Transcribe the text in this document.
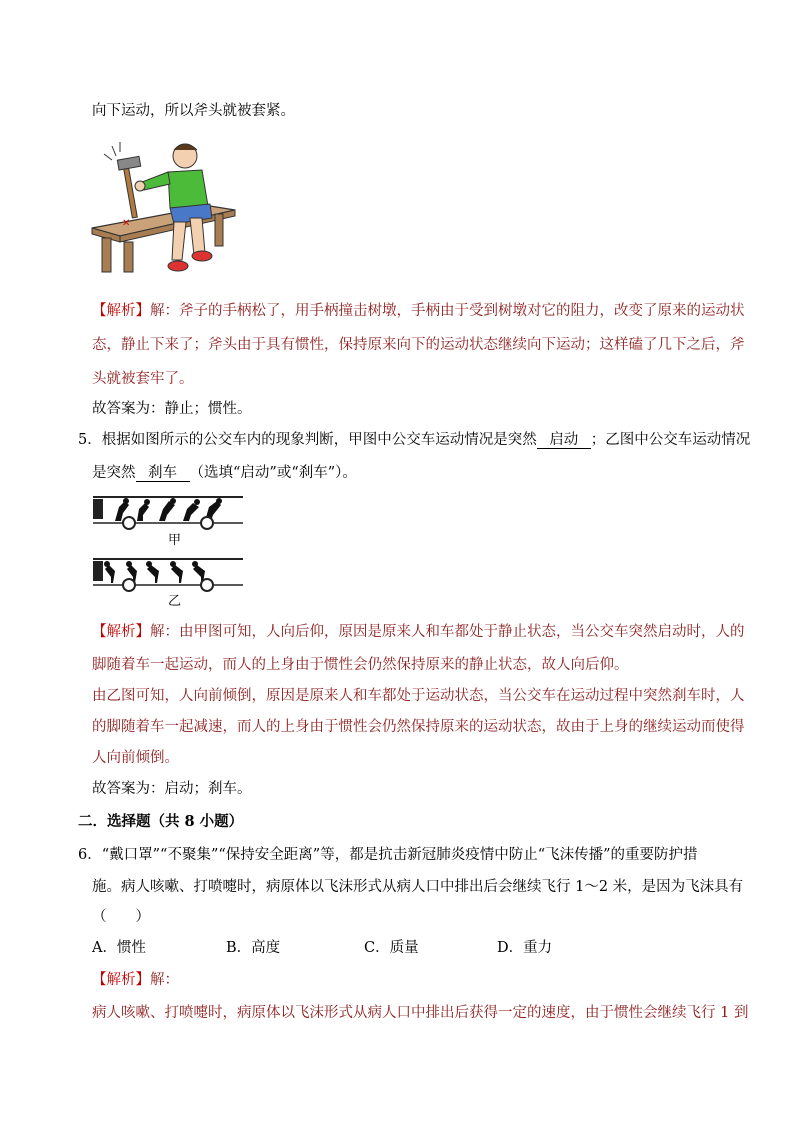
向下运动，所以斧头就被套紧。
✕
【解析】解：斧子的手柄松了，用手柄撞击树墩，手柄由于受到树墩对它的阻力，改变了原来的运动状
态，静止下来了；斧头由于具有惯性，保持原来向下的运动状态继续向下运动；这样磕了几下之后，斧
头就被套牢了。
故答案为：静止；惯性。
5．根据如图所示的公交车内的现象判断，甲图中公交车运动情况是突然 启动 ；乙图中公交车运动情况
是突然 刹车 （选填“启动”或“刹车”）。
甲
乙
【解析】解：由甲图可知，人向后仰，原因是原来人和车都处于静止状态，当公交车突然启动时，人的
脚随着车一起运动，而人的上身由于惯性会仍然保持原来的静止状态，故人向后仰。
由乙图可知，人向前倾倒，原因是原来人和车都处于运动状态，当公交车在运动过程中突然刹车时，人
的脚随着车一起减速，而人的上身由于惯性会仍然保持原来的运动状态，故由于上身的继续运动而使得
人向前倾倒。
故答案为：启动；刹车。
二．选择题（共 8 小题）
6．“戴口罩”“不聚集”“保持安全距离”等，都是抗击新冠肺炎疫情中防止“飞沫传播”的重要防护措
施。病人咳嗽、打喷嚏时，病原体以飞沫形式从病人口中排出后会继续飞行 1～2 米，是因为飞沫具有
（　　）
A．惯性	B．高度	C．质量	D．重力
【解析】解：
病人咳嗽、打喷嚏时，病原体以飞沫形式从病人口中排出后获得一定的速度，由于惯性会继续飞行 1 到
